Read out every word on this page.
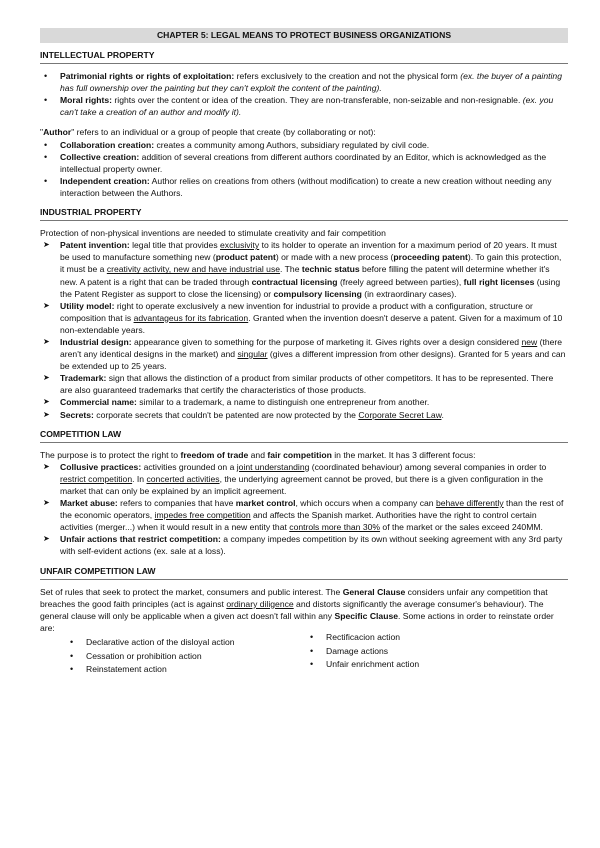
CHAPTER 5: LEGAL MEANS TO PROTECT BUSINESS ORGANIZATIONS
INTELLECTUAL PROPERTY
• Patrimonial rights or rights of exploitation: refers exclusively to the creation and not the physical form (ex. the buyer of a painting has full ownership over the painting but they can't exploit the content of the painting).
• Moral rights: rights over the content or idea of the creation. They are non-transferable, non-seizable and non-resignable. (ex. you can't take a creation of an author and modify it).

"Author" refers to an individual or a group of people that create (by collaborating or not):

• Collaboration creation: creates a community among Authors, subsidiary regulated by civil code.
• Collective creation: addition of several creations from different authors coordinated by an Editor, which is acknowledged as the intellectual property owner.
• Independent creation: Author relies on creations from others (without modification) to create a new creation without needing any interaction between the Authors.
INDUSTRIAL PROPERTY

Protection of non-physical inventions are needed to stimulate creativity and fair competition

➤ Patent invention: legal title that provides exclusivity to its holder to operate an invention for a maximum period of 20 years. It must be used to manufacture something new (product patent) or made with a new process (proceeding patent). To gain this protection, it must be a creativity activity, new and have industrial use. The technic status before filling the patent will determine whether it's new. A patent is a right that can be traded through contractual licensing (freely agreed between parties), full right licenses (using the Patent Register as support to close the licensing) or compulsory licensing (in extraordinary cases).
➤ Utility model: right to operate exclusively a new invention for industrial to provide a product with a configuration, structure or composition that is advantageus for its fabrication. Granted when the invention doesn't deserve a patent. Given for a maximum of 10 non-extendable years.
➤ Industrial design: appearance given to something for the purpose of marketing it. Gives rights over a design considered new (there aren't any identical designs in the market) and singular (gives a different impression from other designs). Granted for 5 years and can be extended up to 25 years.
➤ Trademark: sign that allows the distinction of a product from similar products of other competitors. It has to be represented. There are also guaranteed trademarks that certify the characteristics of those products.
➤ Commercial name: similar to a trademark, a name to distinguish one entrepreneur from another.
➤ Secrets: corporate secrets that couldn't be patented are now protected by the Corporate Secret Law.
COMPETITION LAW

The purpose is to protect the right to freedom of trade and fair competition in the market. It has 3 different focus:

➤ Collusive practices: activities grounded on a joint understanding (coordinated behaviour) among several companies in order to restrict competition. In concerted activities, the underlying agreement cannot be proved, but there is a given configuration in the market that can only be explained by an implicit agreement.
➤ Market abuse: refers to companies that have market control, which occurs when a company can behave differently than the rest of the economic operators, impedes free competition and affects the Spanish market. Authorities have the right to control certain activities (merger...) when it would result in a new entity that controls more than 30% of the market or the sales exceed 240MM.
➤ Unfair actions that restrict competition: a company impedes competition by its own without seeking agreement with any 3rd party with self-evident actions (ex. sale at a loss).
UNFAIR COMPETITION LAW

Set of rules that seek to protect the market, consumers and public interest. The General Clause considers unfair any competition that breaches the good faith principles (act is against ordinary diligence and distorts significantly the average consumer's behaviour). The general clause will only be applicable when a given act doesn't fall within any Specific Clause. Some actions in order to reinstate order are:

• Declarative action of the disloyal action
• Cessation or prohibition action
• Reinstatement action
• Rectificacion action
• Damage actions
• Unfair enrichment action
